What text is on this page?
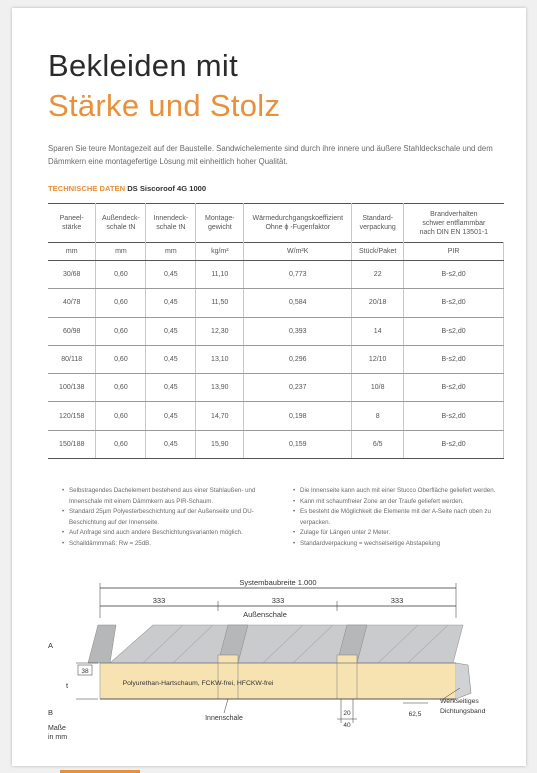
Bekleiden mit
Stärke und Stolz
Sparen Sie teure Montagezeit auf der Baustelle. Sandwichelemente sind durch ihre innere und äußere Stahldeckschale und dem Dämmkern eine montagefertige Lösung mit einheitlich hoher Qualität.
TECHNISCHE DATEN DS Siscoroof 4G 1000
Paneel-
stärke	Außendeck-
schale tN	Innendeck-
schale tN	Montage-
gewicht	Wärmedurchgangskoeffizient
Ohne ϕ -Fugenfaktor	Standard-
verpackung	Brandverhalten
schwer entflammbar
nach DIN EN 13501-1
mm	mm	mm	kg/m²	W/m²K	Stück/Paket	PIR
30/68	0,60	0,45	11,10	0,773	22	B-s2,d0
40/78	0,60	0,45	11,50	0,584	20/18	B-s2,d0
60/98	0,60	0,45	12,30	0,393	14	B-s2,d0
80/118	0,60	0,45	13,10	0,296	12/10	B-s2,d0
100/138	0,60	0,45	13,90	0,237	10/8	B-s2,d0
120/158	0,60	0,45	14,70	0,198	8	B-s2,d0
150/188	0,60	0,45	15,90	0,159	6/5	B-s2,d0
• Selbstragendes Dachelement bestehend aus einer Stahlaußen- und Innenschale mit einem Dämmkern aus PIR-Schaum.
• Standard 25µm Polyesterbeschichtung auf der Außenseite und DU-Beschichtung auf der Innenseite.
• Auf Anfrage sind auch andere Beschichtungsvarianten möglich.
• Schalldämmmaß: Rw = 25dB.
• Die Innenseite kann auch mit einer Stucco Oberfläche geliefert werden.
• Kann mit schaumfreier Zone an der Traufe geliefert werden.
• Es besteht die Möglichkeit die Elemente mit der A-Seite nach oben zu verpacken.
• Zulage für Längen unter 2 Meter.
• Standardverpackung = wechselseitige Abstapelung
Systembaubreite 1.000
333	333	333
Außenschale
Polyurethan-Hartschaum, FCKW-frei, HFCKW-frei
A
B
t
38
Innenschale
20
40
62,5
Werkseitiges
Dichtungsband
Maße
in mm
